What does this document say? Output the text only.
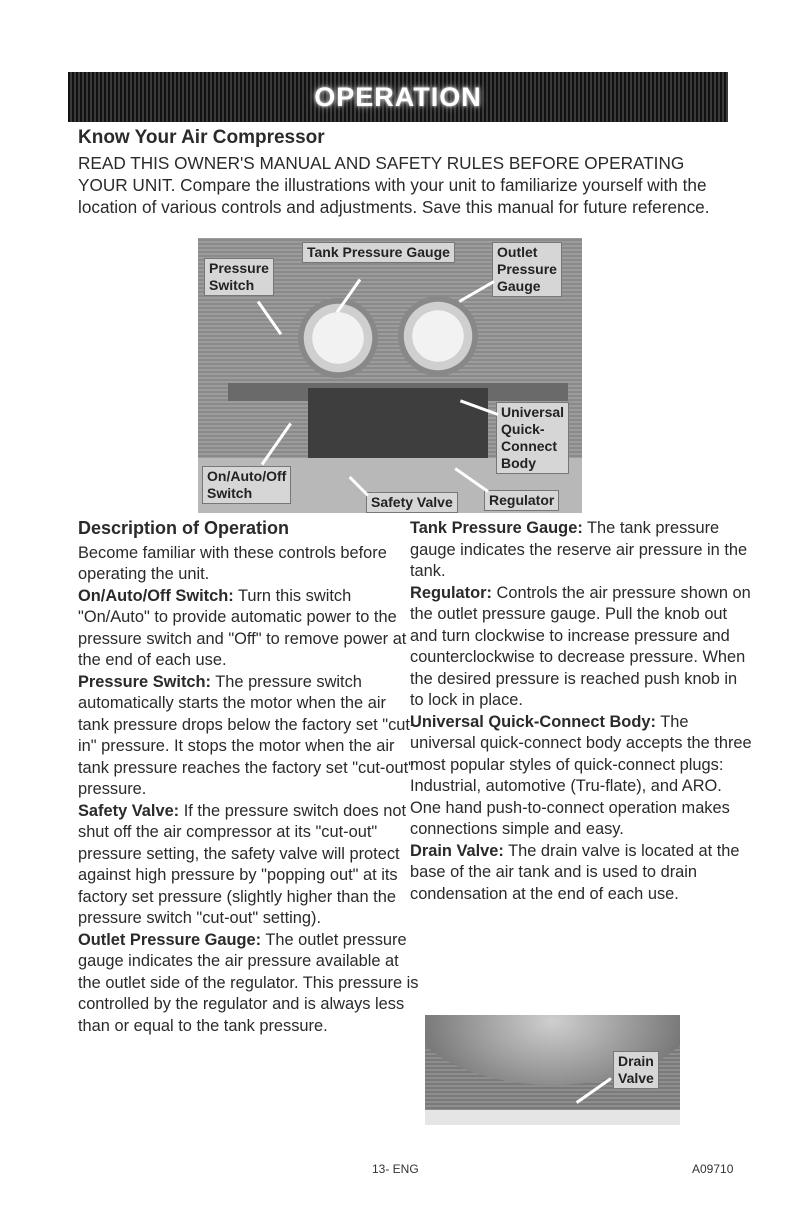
OPERATION
Know Your Air Compressor

READ THIS OWNER'S MANUAL AND SAFETY RULES BEFORE OPERATING YOUR UNIT. Compare the illustrations with your unit to familiarize yourself with the location of various controls and adjustments. Save this manual for future reference.

Pressure
Switch
Tank Pressure Gauge	Outlet
Pressure
Gauge
Universal
Quick-
Connect
Body
On/Auto/Off
Switch
Safety Valve	Regulator
Description of Operation

Become familiar with these controls before operating the unit.

On/Auto/Off Switch: Turn this switch "On/Auto" to provide automatic power to the pressure switch and "Off" to remove power at the end of each use.

Pressure Switch: The pressure switch automatically starts the motor when the air tank pressure drops below the factory set "cut-in" pressure. It stops the motor when the air tank pressure reaches the factory set "cut-out" pressure.

Safety Valve: If the pressure switch does not shut off the air compressor at its "cut-out" pressure setting, the safety valve will protect against high pressure by "popping out" at its factory set pressure (slightly higher than the pressure switch "cut-out" setting).

Outlet Pressure Gauge: The outlet pressure gauge indicates the air pressure available at the outlet side of the regulator. This pressure is controlled by the regulator and is always less than or equal to the tank pressure.

Tank Pressure Gauge: The tank pressure gauge indicates the reserve air pressure in the tank.

Regulator: Controls the air pressure shown on the outlet pressure gauge. Pull the knob out and turn clockwise to increase pressure and counterclockwise to decrease pressure. When the desired pressure is reached push knob in to lock in place.

Universal Quick-Connect Body: The universal quick-connect body accepts the three most popular styles of quick-connect plugs: Industrial, automotive (Tru-flate), and ARO. One hand push-to-connect operation makes connections simple and easy.

Drain Valve: The drain valve is located at the base of the air tank and is used to drain condensation at the end of each use.

Drain
Valve
13- ENG	A09710
